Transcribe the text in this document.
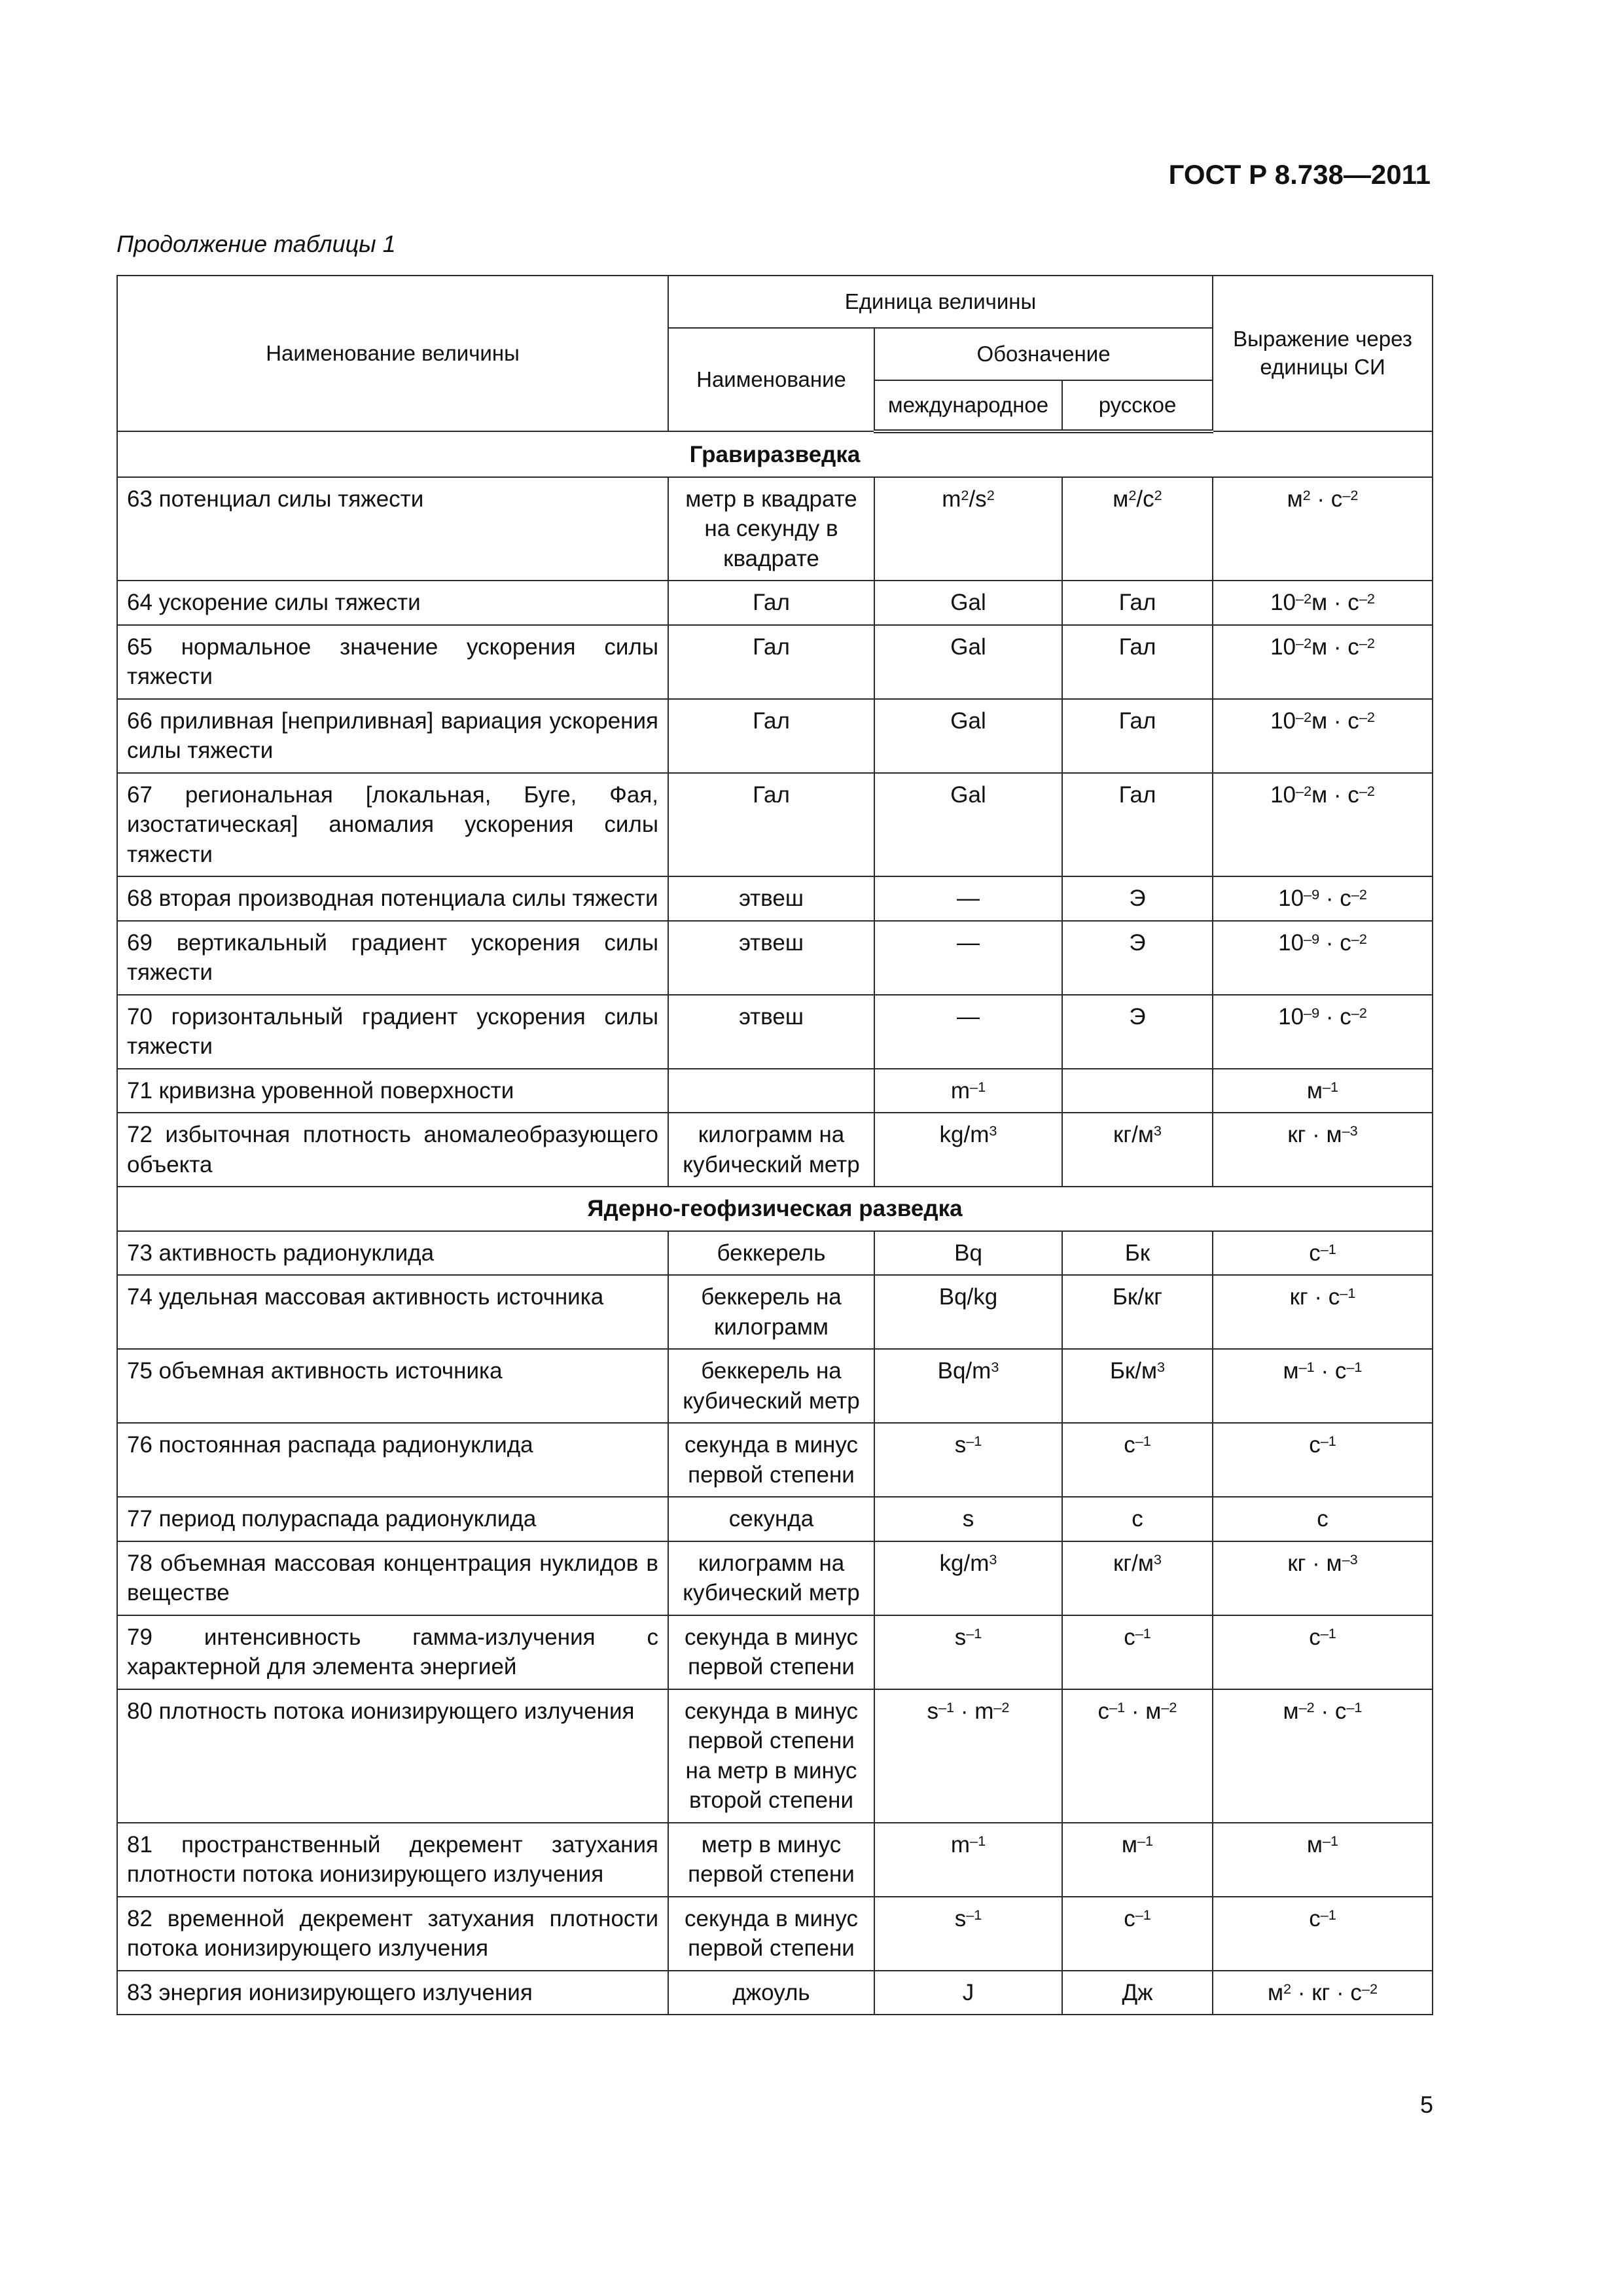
ГОСТ Р 8.738—2011
Продолжение таблицы 1
Наименование величины	Единица величины			Выражение через единицы СИ
	Наименование	Обозначение		
		международное	русское	
Гравиразведка				
63 потенциал силы тяжести	метр в квадрате на секунду в квадрате	$m^2/s^2$	$м^2/с^2$	$м^2 \cdot с^{-2}$
64 ускорение силы тяжести	Гал	Gal	Гал	$10^{-2}м \cdot с^{-2}$
65 нормальное значение ускорения силы тяжести	Гал	Gal	Гал	$10^{-2}м \cdot с^{-2}$
66 приливная [неприливная] вариация ускорения силы тяжести	Гал	Gal	Гал	$10^{-2}м \cdot с^{-2}$
67 региональная [локальная, Буге, Фая, изостатическая] аномалия ускорения силы тяжести	Гал	Gal	Гал	$10^{-2}м \cdot с^{-2}$
68 вторая производная потенциала силы тяжести	этвеш	—	Э	$10^{-9} \cdot с^{-2}$
69 вертикальный градиент ускорения силы тяжести	этвеш	—	Э	$10^{-9} \cdot с^{-2}$
70 горизонтальный градиент ускорения силы тяжести	этвеш	—	Э	$10^{-9} \cdot с^{-2}$
71 кривизна уровенной поверхности		$m^{-1}$		$м^{-1}$
72 избыточная плотность аномалеобразующего объекта	килограмм на кубический метр	$kg/m^3$	$кг/м^3$	кг · $м^{-3}$
Ядерно-геофизическая разведка				
73 активность радионуклида	беккерель	Bq	Бк	$с^{-1}$
74 удельная массовая активность источника	беккерель на килограмм	Bq/kg	Бк/кг	кг · $с^{-1}$
75 объемная активность источника	беккерель на кубический метр	$Bq/m^3$	$Бк/м^3$	$м^{-1} \cdot с^{-1}$
76 постоянная распада радионуклида	секунда в минус первой степени	$s^{-1}$	$с^{-1}$	$с^{-1}$
77 период полураспада радионуклида	секунда	s	с	с
78 объемная массовая концентрация нуклидов в веществе	килограмм на кубический метр	$kg/m^3$	$кг/м^3$	кг · $м^{-3}$
79 интенсивность гамма-излучения с характерной для элемента энергией	секунда в минус первой степени	$s^{-1}$	$с^{-1}$	$с^{-1}$
80 плотность потока ионизирующего излучения	секунда в минус первой степени на метр в минус второй степени	$s^{-1} \cdot m^{-2}$	$с^{-1} \cdot м^{-2}$	$м^{-2} \cdot с^{-1}$
81 пространственный декремент затухания плотности потока ионизирующего излучения	метр в минус первой степени	$m^{-1}$	$м^{-1}$	$м^{-1}$
82 временной декремент затухания плотности потока ионизирующего излучения	секунда в минус первой степени	$s^{-1}$	$с^{-1}$	$с^{-1}$
83 энергия ионизирующего излучения	джоуль	J	Дж	$м^2$ · кг · $с^{-2}$
5
